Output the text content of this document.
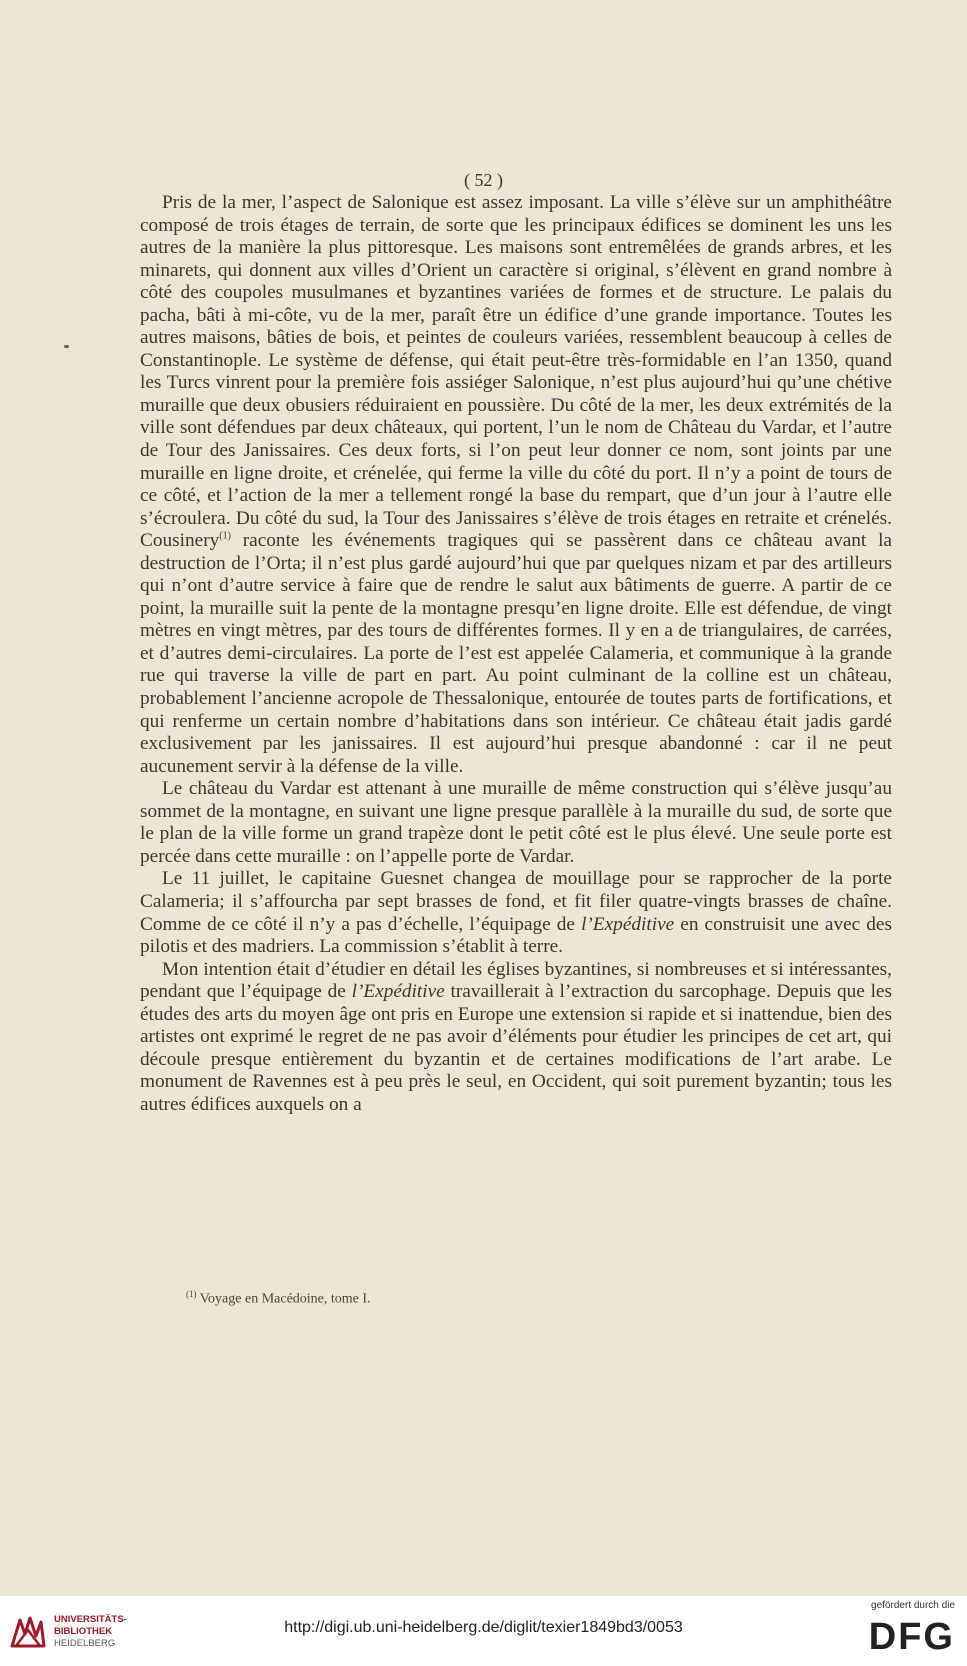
( 52 )

Pris de la mer, l’aspect de Salonique est assez imposant. La ville s’élève sur un amphithéâtre composé de trois étages de terrain, de sorte que les principaux édifices se dominent les uns les autres de la manière la plus pittoresque. Les maisons sont entremêlées de grands arbres, et les minarets, qui donnent aux villes d’Orient un caractère si original, s’élèvent en grand nombre à côté des coupoles musulmanes et byzantines variées de formes et de structure. Le palais du pacha, bâti à mi-côte, vu de la mer, paraît être un édifice d’une grande importance. Toutes les autres maisons, bâties de bois, et peintes de couleurs variées, ressemblent beaucoup à celles de Constantinople. Le système de défense, qui était peut-être très-formidable en l’an 1350, quand les Turcs vinrent pour la première fois assiéger Salonique, n’est plus aujourd’hui qu’une chétive muraille que deux obusiers réduiraient en poussière. Du côté de la mer, les deux extrémités de la ville sont défendues par deux châteaux, qui portent, l’un le nom de Château du Vardar, et l’autre de Tour des Janissaires. Ces deux forts, si l’on peut leur donner ce nom, sont joints par une muraille en ligne droite, et crénelée, qui ferme la ville du côté du port. Il n’y a point de tours de ce côté, et l’action de la mer a tellement rongé la base du rempart, que d’un jour à l’autre elle s’écroulera. Du côté du sud, la Tour des Janissaires s’élève de trois étages en retraite et crénelés. Cousinery$^{(1)}$ raconte les événements tragiques qui se passèrent dans ce château avant la destruction de l’Orta; il n’est plus gardé aujourd’hui que par quelques nizam et par des artilleurs qui n’ont d’autre service à faire que de rendre le salut aux bâtiments de guerre. A partir de ce point, la muraille suit la pente de la montagne presqu’en ligne droite. Elle est défendue, de vingt mètres en vingt mètres, par des tours de différentes formes. Il y en a de triangulaires, de carrées, et d’autres demi-circulaires. La porte de l’est est appelée Calameria, et communique à la grande rue qui traverse la ville de part en part. Au point culminant de la colline est un château, probablement l’ancienne acropole de Thessalonique, entourée de toutes parts de fortifications, et qui renferme un certain nombre d’habitations dans son intérieur. Ce château était jadis gardé exclusivement par les janissaires. Il est aujourd’hui presque abandonné : car il ne peut aucunement servir à la défense de la ville.

Le château du Vardar est attenant à une muraille de même construction qui s’élève jusqu’au sommet de la montagne, en suivant une ligne presque parallèle à la muraille du sud, de sorte que le plan de la ville forme un grand trapèze dont le petit côté est le plus élevé. Une seule porte est percée dans cette muraille : on l’appelle porte de Vardar.

Le 11 juillet, le capitaine Guesnet changea de mouillage pour se rapprocher de la porte Calameria; il s’affourcha par sept brasses de fond, et fit filer quatre-vingts brasses de chaîne. Comme de ce côté il n’y a pas d’échelle, l’équipage de l’Expéditive en construisit une avec des pilotis et des madriers. La commission s’établit à terre.

Mon intention était d’étudier en détail les églises byzantines, si nombreuses et si intéressantes, pendant que l’équipage de l’Expéditive travaillerait à l’extraction du sarcophage. Depuis que les études des arts du moyen âge ont pris en Europe une extension si rapide et si inattendue, bien des artistes ont exprimé le regret de ne pas avoir d’éléments pour étudier les principes de cet art, qui découle presque entièrement du byzantin et de certaines modifications de l’art arabe. Le monument de Ravennes est à peu près le seul, en Occident, qui soit purement byzantin; tous les autres édifices auxquels on a

$^{(1)}$ Voyage en Macédoine, tome I.
UNIVERSITÄTS-
BIBLIOTHEK
HEIDELBERG
http://digi.ub.uni-heidelberg.de/diglit/texier1849bd3/0053
gefördert durch die
DFG
